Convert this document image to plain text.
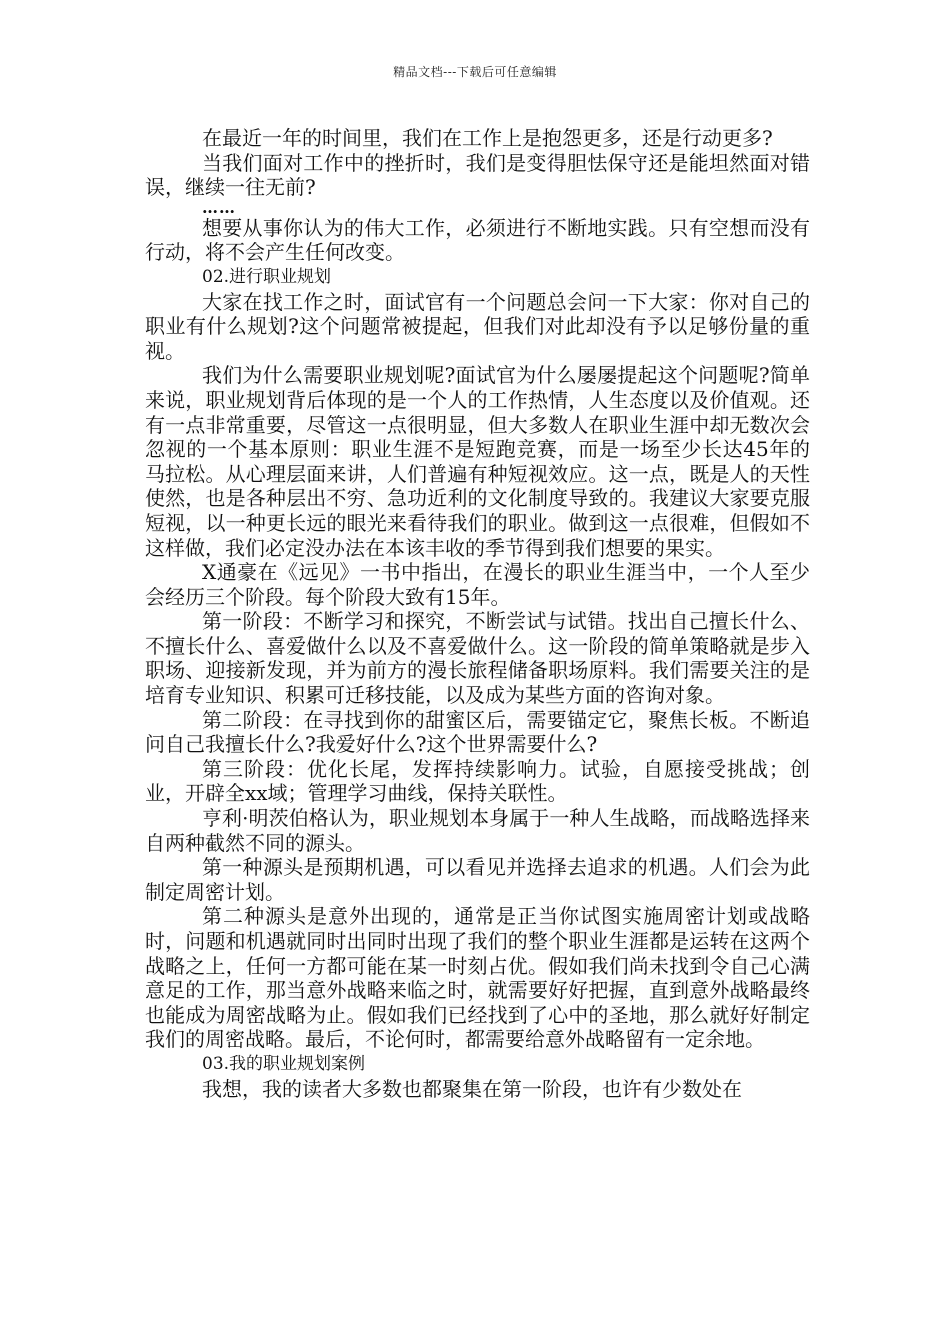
精品文档---下载后可任意编辑

在最近一年的时间里，我们在工作上是抱怨更多，还是行动更多?

当我们面对工作中的挫折时，我们是变得胆怯保守还是能坦然面对错误，继续一往无前?

……

想要从事你认为的伟大工作，必须进行不断地实践。只有空想而没有行动，将不会产生任何改变。

02.进行职业规划

大家在找工作之时，面试官有一个问题总会问一下大家：你对自己的职业有什么规划?这个问题常被提起，但我们对此却没有予以足够份量的重视。

我们为什么需要职业规划呢?面试官为什么屡屡提起这个问题呢?简单来说，职业规划背后体现的是一个人的工作热情，人生态度以及价值观。还有一点非常重要，尽管这一点很明显，但大多数人在职业生涯中却无数次会忽视的一个基本原则：职业生涯不是短跑竞赛，而是一场至少长达45年的马拉松。从心理层面来讲，人们普遍有种短视效应。这一点，既是人的天性使然，也是各种层出不穷、急功近利的文化制度导致的。我建议大家要克服短视，以一种更长远的眼光来看待我们的职业。做到这一点很难，但假如不这样做，我们必定没办法在本该丰收的季节得到我们想要的果实。

X通豪在《远见》一书中指出，在漫长的职业生涯当中，一个人至少会经历三个阶段。每个阶段大致有15年。

第一阶段：不断学习和探究，不断尝试与试错。找出自己擅长什么、不擅长什么、喜爱做什么以及不喜爱做什么。这一阶段的简单策略就是步入职场、迎接新发现，并为前方的漫长旅程储备职场原料。我们需要关注的是培育专业知识、积累可迁移技能，以及成为某些方面的咨询对象。

第二阶段：在寻找到你的甜蜜区后，需要锚定它，聚焦长板。不断追问自己我擅长什么?我爱好什么?这个世界需要什么?

第三阶段：优化长尾，发挥持续影响力。试验，自愿接受挑战；创业，开辟全xx域；管理学习曲线，保持关联性。

亨利·明茨伯格认为，职业规划本身属于一种人生战略，而战略选择来自两种截然不同的源头。

第一种源头是预期机遇，可以看见并选择去追求的机遇。人们会为此制定周密计划。

第二种源头是意外出现的，通常是正当你试图实施周密计划或战略时，问题和机遇就同时出同时出现了我们的整个职业生涯都是运转在这两个战略之上，任何一方都可能在某一时刻占优。假如我们尚未找到令自己心满意足的工作，那当意外战略来临之时，就需要好好把握，直到意外战略最终也能成为周密战略为止。假如我们已经找到了心中的圣地，那么就好好制定我们的周密战略。最后，不论何时，都需要给意外战略留有一定余地。

03.我的职业规划案例

我想，我的读者大多数也都聚集在第一阶段，也许有少数处在
